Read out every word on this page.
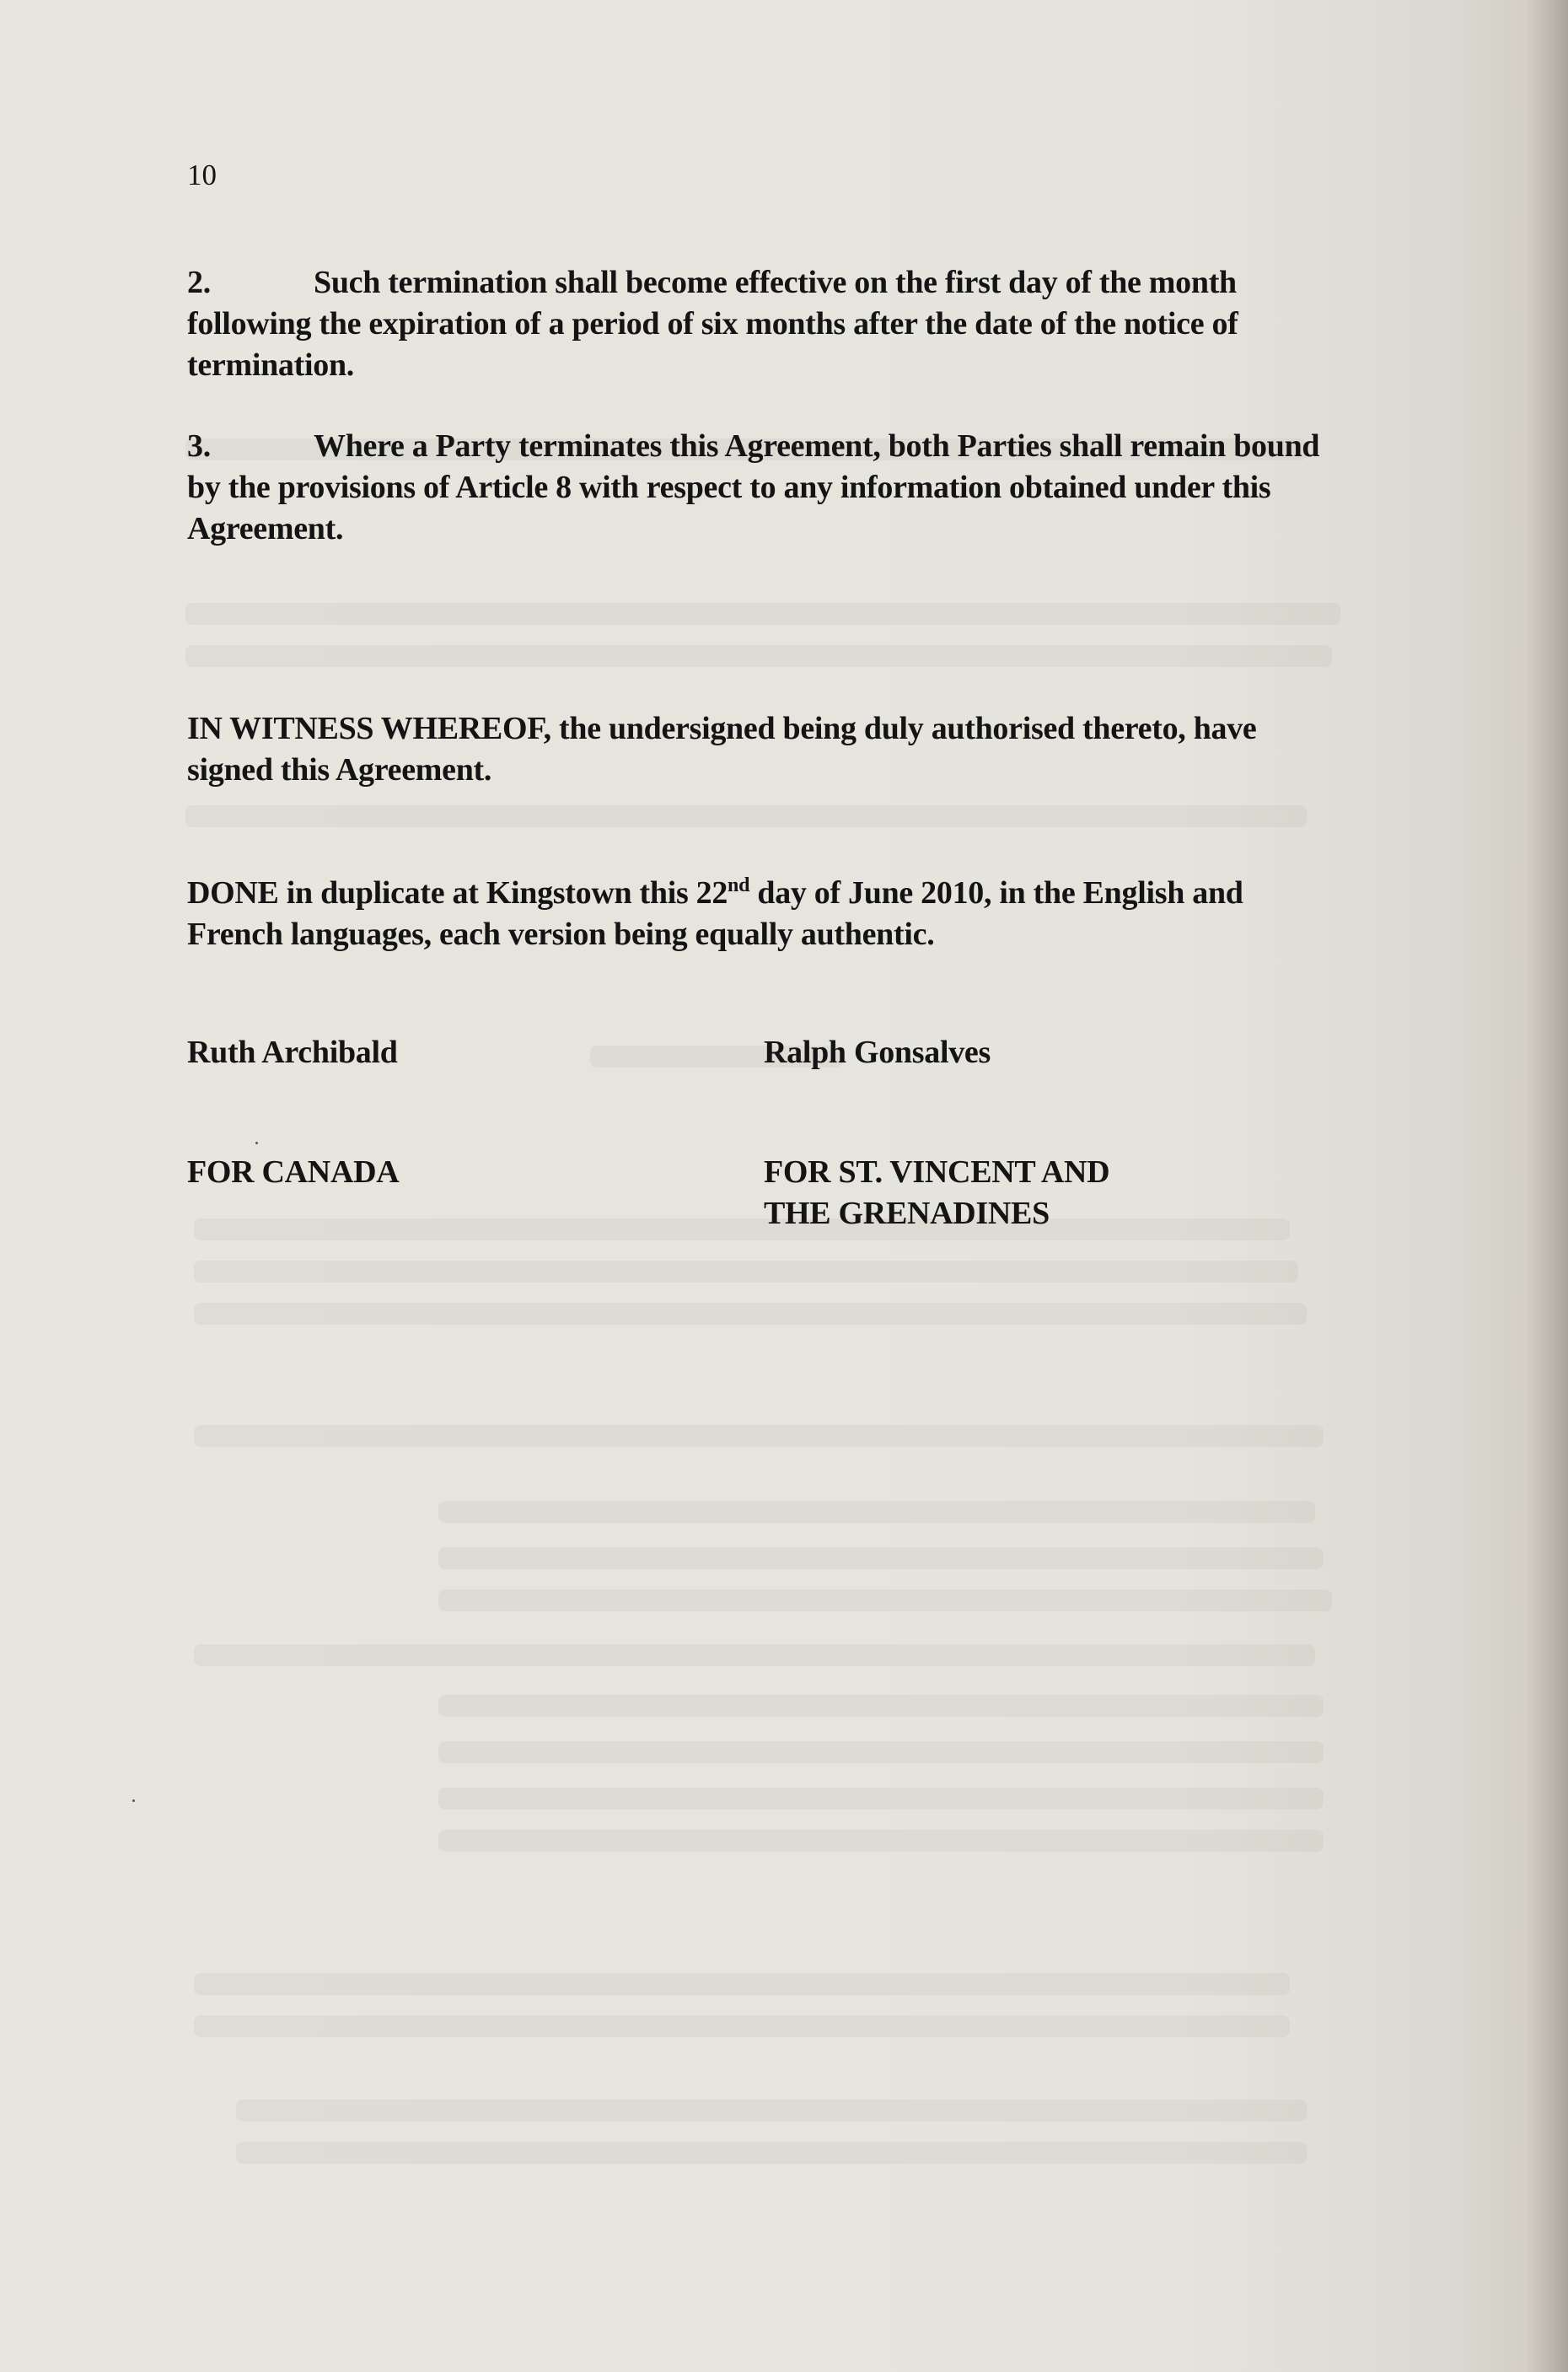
10
2.	Such termination shall become effective on the first day of the month following the expiration of a period of six months after the date of the notice of termination.
3.	Where a Party terminates this Agreement, both Parties shall remain bound by the provisions of Article 8 with respect to any information obtained under this Agreement.
IN WITNESS WHEREOF, the undersigned being duly authorised thereto, have signed this Agreement.
DONE in duplicate at Kingstown this 22nd day of June 2010, in the English and French languages, each version being equally authentic.
Ruth Archibald	Ralph Gonsalves
FOR CANADA	FOR ST. VINCENT AND
THE GRENADINES
